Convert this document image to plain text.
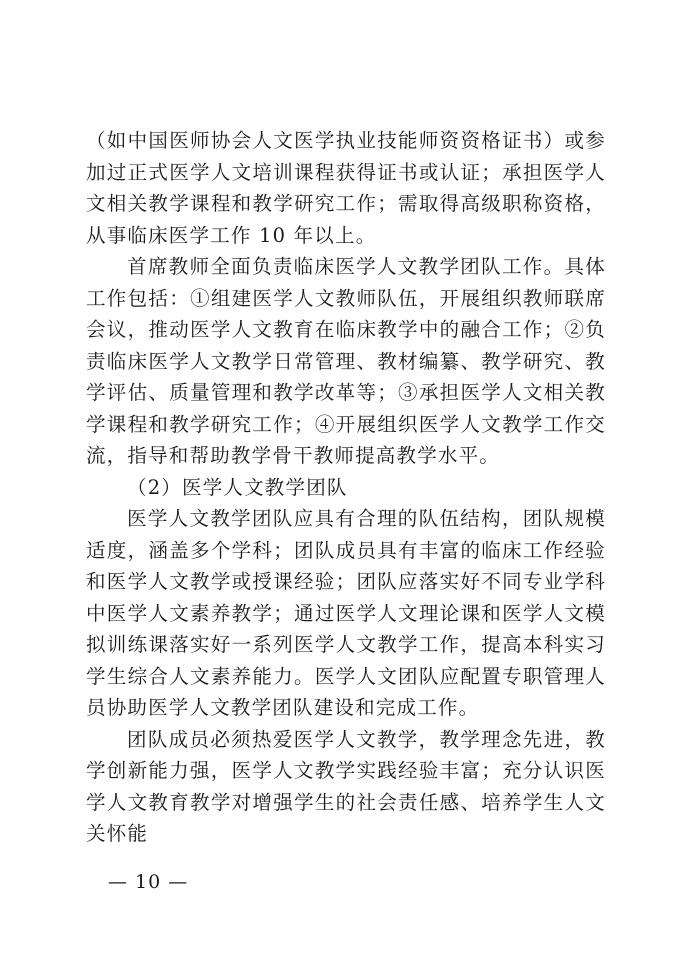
（如中国医师协会人文医学执业技能师资资格证书）或参加过正式医学人文培训课程获得证书或认证；承担医学人文相关教学课程和教学研究工作；需取得高级职称资格，从事临床医学工作 10 年以上。

首席教师全面负责临床医学人文教学团队工作。具体工作包括：①组建医学人文教师队伍，开展组织教师联席会议，推动医学人文教育在临床教学中的融合工作；②负责临床医学人文教学日常管理、教材编纂、教学研究、教学评估、质量管理和教学改革等；③承担医学人文相关教学课程和教学研究工作；④开展组织医学人文教学工作交流，指导和帮助教学骨干教师提高教学水平。

（2）医学人文教学团队

医学人文教学团队应具有合理的队伍结构，团队规模适度，涵盖多个学科；团队成员具有丰富的临床工作经验和医学人文教学或授课经验；团队应落实好不同专业学科中医学人文素养教学；通过医学人文理论课和医学人文模拟训练课落实好一系列医学人文教学工作，提高本科实习学生综合人文素养能力。医学人文团队应配置专职管理人员协助医学人文教学团队建设和完成工作。

团队成员必须热爱医学人文教学，教学理念先进，教学创新能力强，医学人文教学实践经验丰富；充分认识医学人文教育教学对增强学生的社会责任感、培养学生人文关怀能

— 10 —
